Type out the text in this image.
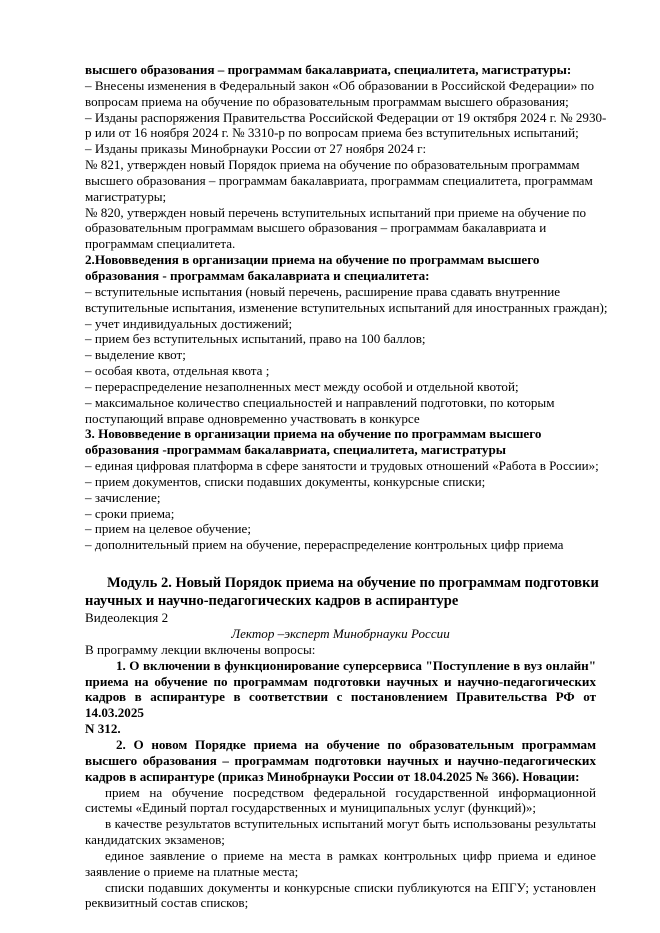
высшего образования – программам бакалавриата, специалитета, магистратуры:
– Внесены изменения в Федеральный закон «Об образовании в Российской Федерации» по
вопросам приема на обучение по образовательным программам высшего образования;
– Изданы распоряжения Правительства Российской Федерации от 19 октября 2024 г. № 2930-
р или от 16 ноября 2024 г. № 3310-р по вопросам приема без вступительных испытаний;
– Изданы приказы Минобрнауки России от 27 ноября 2024 г:
№ 821, утвержден новый Порядок приема на обучение по образовательным программам
высшего образования – программам бакалавриата, программам специалитета, программам
магистратуры;
№ 820, утвержден новый перечень вступительных испытаний при приеме на обучение по
образовательным программам высшего образования – программам бакалавриата и
программам специалитета.
2.Нововведения в организации приема на обучение по программам высшего
образования - программам бакалавриата и специалитета:
– вступительные испытания (новый перечень, расширение права сдавать внутренние
вступительные испытания, изменение вступительных испытаний для иностранных граждан);
– учет индивидуальных достижений;
– прием без вступительных испытаний, право на 100 баллов;
– выделение квот;
– особая квота, отдельная квота ;
– перераспределение незаполненных мест между особой и отдельной квотой;
– максимальное количество специальностей и направлений подготовки, по которым
поступающий вправе одновременно участвовать в конкурсе
3. Нововведение в организации приема на обучение по программам высшего
образования -программам бакалавриата, специалитета, магистратуры
– единая цифровая платформа в сфере занятости и трудовых отношений «Работа в России»;
– прием документов, списки подавших документы, конкурсные списки;
– зачисление;
– сроки приема;
– прием на целевое обучение;
– дополнительный прием на обучение, перераспределение контрольных цифр приема
Модуль 2. Новый Порядок приема на обучение по программам подготовки
научных и научно-педагогических кадров в аспирантуре
Видеолекция 2
Лектор –эксперт Минобрнауки России
В программу лекции включены вопросы:
1. О включении в функционирование суперсервиса "Поступление в вуз онлайн"
приема на обучение по программам подготовки научных и научно-педагогических
кадров в аспирантуре в соответствии с постановлением Правительства РФ от 14.03.2025
N 312.
2. О новом Порядке приема на обучение по образовательным программам
высшего образования – программам подготовки научных и научно-педагогических
кадров в аспирантуре (приказ Минобрнауки России от 18.04.2025 № 366). Новации:
прием на обучение посредством федеральной государственной информационной
системы «Единый портал государственных и муниципальных услуг (функций)»;
в качестве результатов вступительных испытаний могут быть использованы результаты
кандидатских экзаменов;
единое заявление о приеме на места в рамках контрольных цифр приема и единое
заявление о приеме на платные места;
списки подавших документы и конкурсные списки публикуются на ЕПГУ; установлен
реквизитный состав списков;
